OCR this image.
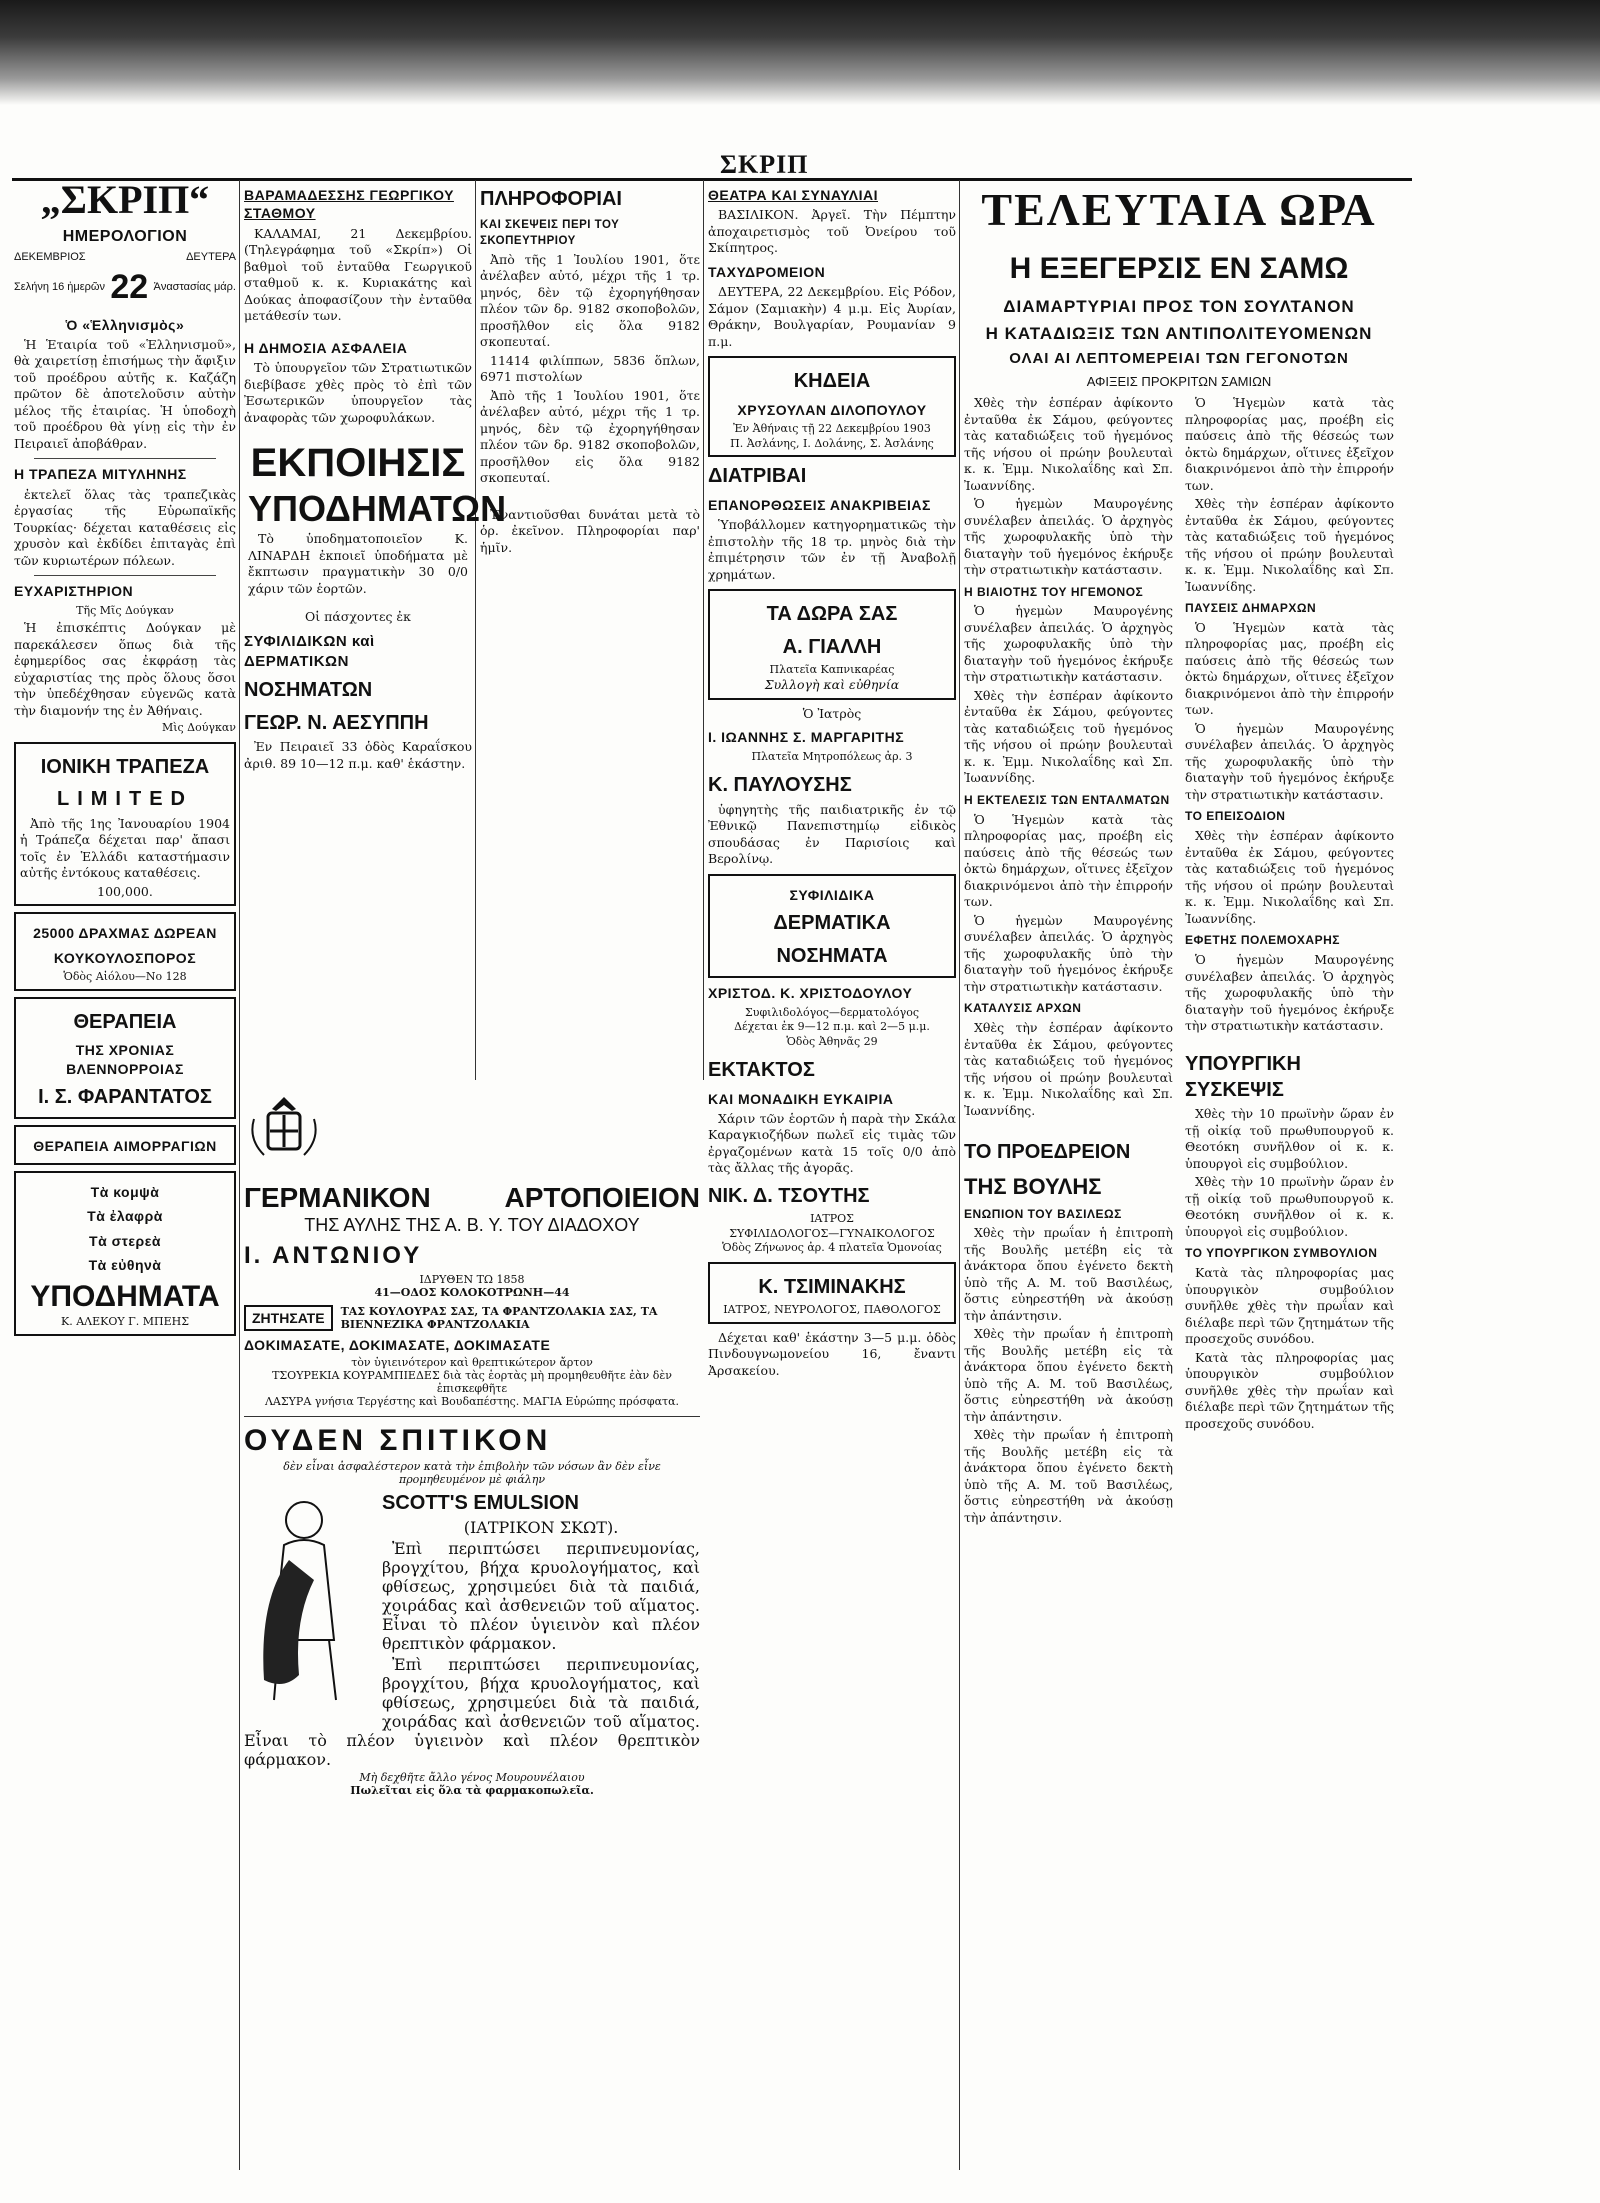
ΣΚΡΙΠ
„ΣΚΡΙΠ“
ΗΜΕΡΟΛΟΓΙΟΝ
ΔΕΚΕΜΒΡΙΟΣ	ΔΕΥΤΕΡΑ
Σελήνη 16 ἡμερῶν 22 Ἀναστασίας μάρ.
Ὁ «Ἑλληνισμὸς»

Ἡ Ἑταιρία τοῦ «Ἑλληνισμοῦ», θὰ χαιρετίσῃ ἐπισήμως τὴν ἄφιξιν τοῦ προέδρου αὐτῆς κ. Καζάζη πρῶτον δὲ ἀποτελοῦσιν αὐτὴν μέλος τῆς ἐταιρίας. Ἡ ὑποδοχὴ τοῦ προέδρου θὰ γίνῃ εἰς τὴν ἐν Πειραιεῖ ἀποβάθραν.

Η ΤΡΑΠΕΖΑ ΜΙΤΥΛΗΝΗΣ

ἐκτελεῖ ὅλας τὰς τραπεζικὰς ἐργασίας τῆς Εὐρωπαϊκῆς Τουρκίας· δέχεται καταθέσεις εἰς χρυσὸν καὶ ἐκδίδει ἐπιταγὰς ἐπὶ τῶν κυριωτέρων πόλεων.

ΕΥΧΑΡΙΣΤΗΡΙΟΝ
Τῆς Μῖς Δούγκαν

Ἡ ἐπισκέπτις Δούγκαν μὲ παρεκάλεσεν ὅπως διὰ τῆς ἐφημερίδος σας ἐκφράσῃ τὰς εὐχαριστίας της πρὸς ὅλους ὅσοι τὴν ὑπεδέχθησαν εὐγενῶς κατὰ τὴν διαμονήν της ἐν Ἀθήναις.

Μὶς Δούγκαν
ΙΟΝΙΚΗ ΤΡΑΠΕΖΑ
LIMITED

Ἀπὸ τῆς 1ης Ἰανουαρίου 1904 ἡ Τράπεζα δέχεται παρ' ἄπασι τοῖς ἐν Ἑλλάδι καταστήμασιν αὐτῆς ἐντόκους καταθέσεις.

100,000.
25000 ΔΡΑΧΜΑΣ ΔΩΡΕΑΝ
ΚΟΥΚΟΥΛΟΣΠΟΡΟΣ
Ὁδὸς Αἰόλου—Νο 128
ΘΕΡΑΠΕΙΑ
ΤΗΣ ΧΡΟΝΙΑΣ ΒΛΕΝΝΟΡΡΟΙΑΣ
Ι. Σ. ΦΑΡΑΝΤΑΤΟΣ
ΘΕΡΑΠΕΙΑ ΑΙΜΟΡΡΑΓΙΩΝ
Τὰ κομψὰ
Τὰ ἐλαφρὰ
Τὰ στερεὰ
Τὰ εὐθηνὰ
ΥΠΟΔΗΜΑΤΑ
Κ. ΑΛΕΚΟΥ Γ. ΜΠΕΗΣ
ΒΑΡΑΜΑΔΕΣΣΗΣ ΓΕΩΡΓΙΚΟΥ ΣΤΑΘΜΟΥ

ΚΑΛΑΜΑΙ, 21 Δεκεμβρίου. (Τηλεγράφημα τοῦ «Σκρίπ») Οἱ βαθμοὶ τοῦ ἐνταῦθα Γεωργικοῦ σταθμοῦ κ. κ. Κυριακάτης καὶ Δούκας ἀποφασίζουν τὴν ἐνταῦθα μετάθεσίν των.

Η ΔΗΜΟΣΙΑ ΑΣΦΑΛΕΙΑ

Τὸ ὑπουργεῖον τῶν Στρατιωτικῶν διεβίβασε χθὲς πρὸς τὸ ἐπὶ τῶν Ἐσωτερικῶν ὑπουργεῖον τὰς ἀναφορὰς τῶν χωροφυλάκων.

ΕΚΠΟΙΗΣΙΣ
ΥΠΟΔΗΜΑΤΩΝ

Τὸ ὑποδηματοποιεῖον Κ. ΛΙΝΑΡΔΗ ἐκποιεῖ ὑποδήματα μὲ ἔκπτωσιν πραγματικὴν 30 0/0 χάριν τῶν ἑορτῶν.

Οἱ πάσχοντες ἐκ
ΣΥΦΙΛΙΔΙΚΩΝ καὶ ΔΕΡΜΑΤΙΚΩΝ
ΝΟΣΗΜΑΤΩΝ
ΓΕΩΡ. Ν. ΑΕΣΥΠΠΗ

Ἐν Πειραιεῖ 33 ὁδὸς Καραΐσκου ἀριθ. 89 10—12 π.μ. καθ' ἑκάστην.

ΠΛΗΡΟΦΟΡΙΑΙ
ΚΑΙ ΣΚΕΨΕΙΣ ΠΕΡΙ ΤΟΥ ΣΚΟΠΕΥΤΗΡΙΟΥ

Ἀπὸ τῆς 1 Ἰουλίου 1901, ὅτε ἀνέλαβεν αὐτό, μέχρι τῆς 1 τρ. μηνός, δὲν τῷ ἐχορηγήθησαν πλέον τῶν δρ. 9182 σκοποβολῶν, προσῆλθον εἰς ὅλα 9182 σκοπευταί.

11414 φιλίππων, 5836 ὅπλων, 6971 πιστολίων

Ἀπὸ τῆς 1 Ἰουλίου 1901, ὅτε ἀνέλαβεν αὐτό, μέχρι τῆς 1 τρ. μηνός, δὲν τῷ ἐχορηγήθησαν πλέον τῶν δρ. 9182 σκοποβολῶν, προσῆλθον εἰς ὅλα 9182 σκοπευταί.

Ἐναντιοῦσθαι δυνάται μετὰ τὸ ὁρ. ἐκεῖνον. Πληροφορίαι παρ' ἡμῖν.

ΘΕΑΤΡΑ ΚΑΙ ΣΥΝΑΥΛΙΑΙ

ΒΑΣΙΛΙΚΟΝ. Ἀργεῖ. Τὴν Πέμπτην ἀποχαιρετισμὸς τοῦ Ὀνείρου τοῦ Σκίπητρος.

ΤΑΧΥΔΡΟΜΕΙΟΝ

ΔΕΥΤΕΡΑ, 22 Δεκεμβρίου. Εἰς Ρόδον, Σάμον (Σαμιακὴν) 4 μ.μ. Εἰς Ἀυρίαν, Θράκην, Βουλγαρίαν, Ρουμανίαν 9 π.μ.

ΚΗΔΕΙΑ
ΧΡΥΣΟΥΛΑΝ ΔΙΛΟΠΟΥΛΟΥ
Ἐν Ἀθήναις τῇ 22 Δεκεμβρίου 1903
Π. Ἀσλάνης, Ι. Δολάνης, Σ. Ἀσλάνης
ΔΙΑΤΡΙΒΑΙ
ΕΠΑΝΟΡΘΩΣΕΙΣ ΑΝΑΚΡΙΒΕΙΑΣ

Ὑποβάλλομεν κατηγορηματικῶς τὴν ἐπιστολὴν τῆς 18 τρ. μηνὸς διὰ τὴν ἐπιμέτρησιν τῶν ἐν τῇ Ἀναβολῇ χρημάτων.

ΤΑ ΔΩΡΑ ΣΑΣ
Α. ΓΙΑΛΛΗ
Πλατεῖα Καπνικαρέας
Συλλογὴ καὶ εὐθηνία
Ὁ Ἰατρὸς
Ι. ΙΩΑΝΝΗΣ Σ. ΜΑΡΓΑΡΙΤΗΣ
Πλατεῖα Μητροπόλεως ἀρ. 3
Κ. ΠΑΥΛΟΥΣΗΣ

ὑφηγητὴς τῆς παιδιατρικῆς ἐν τῷ Ἐθνικῷ Πανεπιστημίῳ εἰδικὸς σπουδάσας ἐν Παρισίοις καὶ Βερολίνῳ.

ΣΥΦΙΛΙΔΙΚΑ
ΔΕΡΜΑΤΙΚΑ
ΝΟΣΗΜΑΤΑ
ΧΡΙΣΤΟΔ. Κ. ΧΡΙΣΤΟΔΟΥΛΟΥ
Συφιλιδολόγος—δερματολόγος
Δέχεται ἐκ 9—12 π.μ. καὶ 2—5 μ.μ.
Ὁδὸς Ἀθηνᾶς 29
ΕΚΤΑΚΤΟΣ
ΚΑΙ ΜΟΝΑΔΙΚΗ ΕΥΚΑΙΡΙΑ

Χάριν τῶν ἑορτῶν ἡ παρὰ τὴν Σκάλα Καραγκιοζήδων πωλεῖ εἰς τιμὰς τῶν ἐργαζομένων κατὰ 15 τοῖς 0/0 ἀπὸ τὰς ἄλλας τῆς ἀγορᾶς.

ΝΙΚ. Δ. ΤΣΟΥΤΗΣ
ΙΑΤΡΟΣ
ΣΥΦΙΛΙΔΟΛΟΓΟΣ—ΓΥΝΑΙΚΟΛΟΓΟΣ
Ὁδὸς Ζήνωνος ἀρ. 4 πλατεῖα Ὁμονοίας
Κ. ΤΣΙΜΙΝΑΚΗΣ
ΙΑΤΡΟΣ, ΝΕΥΡΟΛΟΓΟΣ, ΠΑΘΟΛΟΓΟΣ

Δέχεται καθ' ἑκάστην 3—5 μ.μ. ὁδὸς Πινδουγνωμονείου 16, ἔναντι Ἀρσακείου.

ΤΕΛΕΥΤΑΙΑ ΩΡΑ
Η ΕΞΕΓΕΡΣΙΣ ΕΝ ΣΑΜΩ
ΔΙΑΜΑΡΤΥΡΙΑΙ ΠΡΟΣ ΤΟΝ ΣΟΥΛΤΑΝΟΝ
Η ΚΑΤΑΔΙΩΞΙΣ ΤΩΝ ΑΝΤΙΠΟΛΙΤΕΥΟΜΕΝΩΝ
ΟΛΑΙ ΑΙ ΛΕΠΤΟΜΕΡΕΙΑΙ ΤΩΝ ΓΕΓΟΝΟΤΩΝ
ΑΦΙΞΕΙΣ ΠΡΟΚΡΙΤΩΝ ΣΑΜΙΩΝ

Χθὲς τὴν ἑσπέραν ἀφίκοντο ἐνταῦθα ἐκ Σάμου, φεύγοντες τὰς καταδιώξεις τοῦ ἡγεμόνος τῆς νήσου οἱ πρώην βουλευταὶ κ. κ. Ἐμμ. Νικολαΐδης καὶ Σπ. Ἰωαννίδης.

Ὁ ἡγεμὼν Μαυρογένης συνέλαβεν ἀπειλάς. Ὁ ἀρχηγὸς τῆς χωροφυλακῆς ὑπὸ τὴν διαταγὴν τοῦ ἡγεμόνος ἐκήρυξε τὴν στρατιωτικὴν κατάστασιν.

Η ΒΙΑΙΟΤΗΣ ΤΟΥ ΗΓΕΜΟΝΟΣ

Ὁ ἡγεμὼν Μαυρογένης συνέλαβεν ἀπειλάς. Ὁ ἀρχηγὸς τῆς χωροφυλακῆς ὑπὸ τὴν διαταγὴν τοῦ ἡγεμόνος ἐκήρυξε τὴν στρατιωτικὴν κατάστασιν.

Χθὲς τὴν ἑσπέραν ἀφίκοντο ἐνταῦθα ἐκ Σάμου, φεύγοντες τὰς καταδιώξεις τοῦ ἡγεμόνος τῆς νήσου οἱ πρώην βουλευταὶ κ. κ. Ἐμμ. Νικολαΐδης καὶ Σπ. Ἰωαννίδης.

Η ΕΚΤΕΛΕΣΙΣ ΤΩΝ ΕΝΤΑΛΜΑΤΩΝ

Ὁ Ἡγεμὼν κατὰ τὰς πληροφορίας μας, προέβη εἰς παύσεις ἀπὸ τῆς θέσεώς των ὀκτὼ δημάρχων, οἵτινες ἐξεῖχον διακρινόμενοι ἀπὸ τὴν ἐπιρροήν των.

Ὁ ἡγεμὼν Μαυρογένης συνέλαβεν ἀπειλάς. Ὁ ἀρχηγὸς τῆς χωροφυλακῆς ὑπὸ τὴν διαταγὴν τοῦ ἡγεμόνος ἐκήρυξε τὴν στρατιωτικὴν κατάστασιν.

ΚΑΤΑΛΥΣΙΣ ΑΡΧΩΝ

Χθὲς τὴν ἑσπέραν ἀφίκοντο ἐνταῦθα ἐκ Σάμου, φεύγοντες τὰς καταδιώξεις τοῦ ἡγεμόνος τῆς νήσου οἱ πρώην βουλευταὶ κ. κ. Ἐμμ. Νικολαΐδης καὶ Σπ. Ἰωαννίδης.

ΤΟ ΠΡΟΕΔΡΕΙΟΝ
ΤΗΣ ΒΟΥΛΗΣ
ΕΝΩΠΙΟΝ ΤΟΥ ΒΑΣΙΛΕΩΣ

Χθὲς τὴν πρωΐαν ἡ ἐπιτροπὴ τῆς Βουλῆς μετέβη εἰς τὰ ἀνάκτορα ὅπου ἐγένετο δεκτὴ ὑπὸ τῆς Α. Μ. τοῦ Βασιλέως, ὅστις εὐηρεστήθη νὰ ἀκούσῃ τὴν ἀπάντησιν.

Χθὲς τὴν πρωΐαν ἡ ἐπιτροπὴ τῆς Βουλῆς μετέβη εἰς τὰ ἀνάκτορα ὅπου ἐγένετο δεκτὴ ὑπὸ τῆς Α. Μ. τοῦ Βασιλέως, ὅστις εὐηρεστήθη νὰ ἀκούσῃ τὴν ἀπάντησιν.

Χθὲς τὴν πρωΐαν ἡ ἐπιτροπὴ τῆς Βουλῆς μετέβη εἰς τὰ ἀνάκτορα ὅπου ἐγένετο δεκτὴ ὑπὸ τῆς Α. Μ. τοῦ Βασιλέως, ὅστις εὐηρεστήθη νὰ ἀκούσῃ τὴν ἀπάντησιν.

Ὁ Ἡγεμὼν κατὰ τὰς πληροφορίας μας, προέβη εἰς παύσεις ἀπὸ τῆς θέσεώς των ὀκτὼ δημάρχων, οἵτινες ἐξεῖχον διακρινόμενοι ἀπὸ τὴν ἐπιρροήν των.

Χθὲς τὴν ἑσπέραν ἀφίκοντο ἐνταῦθα ἐκ Σάμου, φεύγοντες τὰς καταδιώξεις τοῦ ἡγεμόνος τῆς νήσου οἱ πρώην βουλευταὶ κ. κ. Ἐμμ. Νικολαΐδης καὶ Σπ. Ἰωαννίδης.

ΠΑΥΣΕΙΣ ΔΗΜΑΡΧΩΝ

Ὁ Ἡγεμὼν κατὰ τὰς πληροφορίας μας, προέβη εἰς παύσεις ἀπὸ τῆς θέσεώς των ὀκτὼ δημάρχων, οἵτινες ἐξεῖχον διακρινόμενοι ἀπὸ τὴν ἐπιρροήν των.

Ὁ ἡγεμὼν Μαυρογένης συνέλαβεν ἀπειλάς. Ὁ ἀρχηγὸς τῆς χωροφυλακῆς ὑπὸ τὴν διαταγὴν τοῦ ἡγεμόνος ἐκήρυξε τὴν στρατιωτικὴν κατάστασιν.

ΤΟ ΕΠΕΙΣΟΔΙΟΝ

Χθὲς τὴν ἑσπέραν ἀφίκοντο ἐνταῦθα ἐκ Σάμου, φεύγοντες τὰς καταδιώξεις τοῦ ἡγεμόνος τῆς νήσου οἱ πρώην βουλευταὶ κ. κ. Ἐμμ. Νικολαΐδης καὶ Σπ. Ἰωαννίδης.

ΕΦΕΤΗΣ ΠΟΛΕΜΟΧΑΡΗΣ

Ὁ ἡγεμὼν Μαυρογένης συνέλαβεν ἀπειλάς. Ὁ ἀρχηγὸς τῆς χωροφυλακῆς ὑπὸ τὴν διαταγὴν τοῦ ἡγεμόνος ἐκήρυξε τὴν στρατιωτικὴν κατάστασιν.

ΥΠΟΥΡΓΙΚΗ ΣΥΣΚΕΨΙΣ

Χθὲς τὴν 10 πρωϊνὴν ὥραν ἐν τῇ οἰκίᾳ τοῦ πρωθυπουργοῦ κ. Θεοτόκη συνῆλθον οἱ κ. κ. ὑπουργοὶ εἰς συμβούλιον.

Χθὲς τὴν 10 πρωϊνὴν ὥραν ἐν τῇ οἰκίᾳ τοῦ πρωθυπουργοῦ κ. Θεοτόκη συνῆλθον οἱ κ. κ. ὑπουργοὶ εἰς συμβούλιον.

ΤΟ ΥΠΟΥΡΓΙΚΟΝ ΣΥΜΒΟΥΛΙΟΝ

Κατὰ τὰς πληροφορίας μας ὑπουργικὸν συμβούλιον συνῆλθε χθὲς τὴν πρωΐαν καὶ διέλαβε περὶ τῶν ζητημάτων τῆς προσεχοῦς συνόδου.

Κατὰ τὰς πληροφορίας μας ὑπουργικὸν συμβούλιον συνῆλθε χθὲς τὴν πρωΐαν καὶ διέλαβε περὶ τῶν ζητημάτων τῆς προσεχοῦς συνόδου.

ΓΕΡΜΑΝΙΚΟΝ	ΑΡΤΟΠΟΙΕΙΟΝ
ΤΗΣ ΑΥΛΗΣ ΤΗΣ Α. Β. Υ. ΤΟΥ ΔΙΑΔΟΧΟΥ
Ι. ΑΝΤΩΝΙΟΥ
ΙΔΡΥΘΕΝ ΤΩ 1858
41—ΟΔΟΣ ΚΟΛΟΚΟΤΡΩΝΗ—44
ΖΗΤΗΣΑΤΕ	ΤΑΣ ΚΟΥΛΟΥΡΑΣ ΣΑΣ, ΤΑ ΦΡΑΝΤΖΟΛΑΚΙΑ ΣΑΣ, ΤΑ ΒΙΕΝΝΕΖΙΚΑ ΦΡΑΝΤΖΟΛΑΚΙΑ
ΔΟΚΙΜΑΣΑΤΕ, ΔΟΚΙΜΑΣΑΤΕ, ΔΟΚΙΜΑΣΑΤΕ
τὸν ὑγιεινότερον καὶ θρεπτικώτερον ἄρτον
ΤΣΟΥΡΕΚΙΑ ΚΟΥΡΑΜΠΙΕΔΕΣ διὰ τὰς ἑορτὰς μὴ προμηθευθῆτε ἐὰν δὲν ἐπισκεφθῆτε
ΛΑΣΥΡΑ γνήσια Τεργέστης καὶ Βουδαπέστης. ΜΑΓΙΑ Εὐρώπης πρόσφατα.
ΟΥΔΕΝ ΣΠΙΤΙΚΟΝ
δὲν εἶναι ἀσφαλέστερον κατὰ τὴν ἐπιβολὴν τῶν νόσων ἂν δὲν εἶνε προμηθευμένον μὲ φιάλην
SCOTT'S EMULSION
(ΙΑΤΡΙΚΟΝ ΣΚΩΤ).

Ἐπὶ περιπτώσει περιπνευμονίας, βρογχίτου, βήχα κρυολογήματος, καὶ φθίσεως, χρησιμεύει διὰ τὰ παιδιά, χοιράδας καὶ ἀσθενειῶν τοῦ αἵματος. Εἶναι τὸ πλέον ὑγιεινὸν καὶ πλέον θρεπτικὸν φάρμακον.

Ἐπὶ περιπτώσει περιπνευμονίας, βρογχίτου, βήχα κρυολογήματος, καὶ φθίσεως, χρησιμεύει διὰ τὰ παιδιά, χοιράδας καὶ ἀσθενειῶν τοῦ αἵματος. Εἶναι τὸ πλέον ὑγιεινὸν καὶ πλέον θρεπτικὸν φάρμακον.

Μὴ δεχθῆτε ἄλλο γένος Μουρουνέλαιου
Πωλεῖται εἰς ὅλα τὰ φαρμακοπωλεῖα.
